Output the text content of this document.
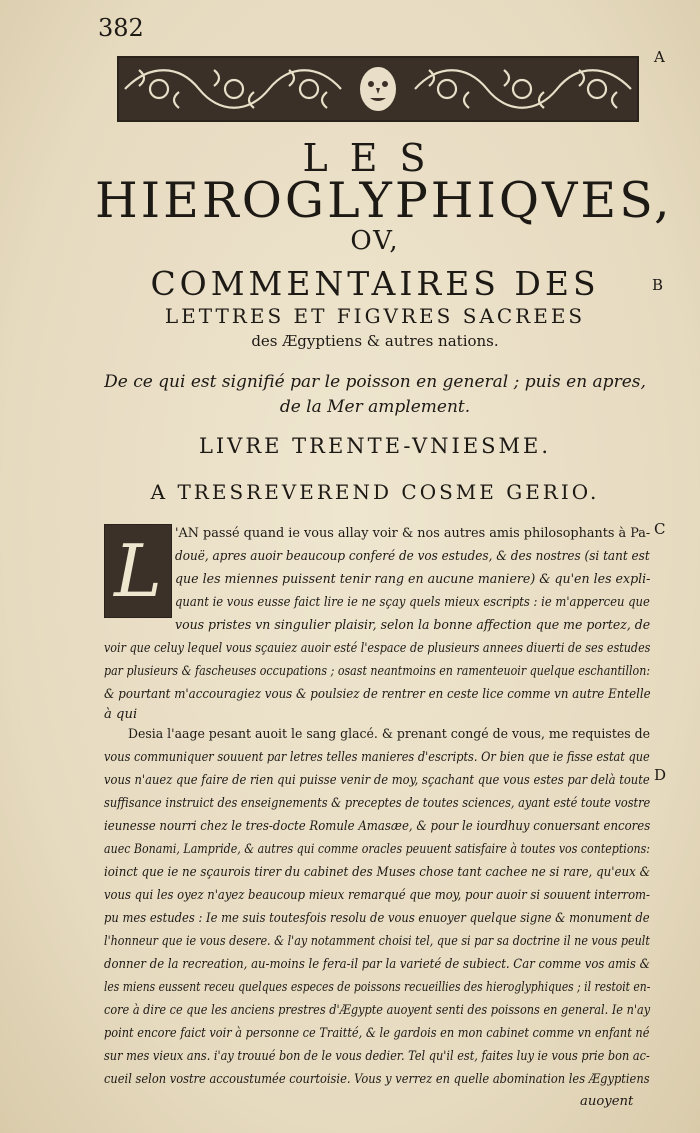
382
A
B
C
D
LES
HIEROGLYPHIQVES,
OV,
COMMENTAIRES DES
LETTRES ET FIGVRES SACREES
des Ægyptiens & autres nations.
De ce qui est signifié par le poisson en general ; puis en apres,
de la Mer amplement.
LIVRE TRENTE-VNIESME.
A TRESREVEREND COSME GERIO.
L 'AN passé quand ie vous allay voir & nos autres amis philosophants à Pa-
douë, apres auoir beaucoup conferé de vos estudes, & des nostres (si tant est
que les miennes puissent tenir rang en aucune maniere) & qu'en les expli-
quant ie vous eusse faict lire ie ne sçay quels mieux escripts : ie m'apperceu que
vous pristes vn singulier plaisir, selon la bonne affection que me portez, de
voir que celuy lequel vous sçauiez auoir esté l'espace de plusieurs annees diuerti de ses estudes
par plusieurs & fascheuses occupations ; osast neantmoins en ramenteuoir quelque eschantillon:
& pourtant m'accouragiez vous & poulsiez de rentrer en ceste lice comme vn autre Entelle
à qui
Desia l'aage pesant auoit le sang glacé. & prenant congé de vous, me requistes de
vous communiquer souuent par letres telles manieres d'escripts. Or bien que ie fisse estat que
vous n'auez que faire de rien qui puisse venir de moy, sçachant que vous estes par delà toute
suffisance instruict des enseignements & preceptes de toutes sciences, ayant esté toute vostre
ieunesse nourri chez le tres-docte Romule Amasæe, & pour le iourdhuy conuersant encores
auec Bonami, Lampride, & autres qui comme oracles peuuent satisfaire à toutes vos conteptions:
ioinct que ie ne sçaurois tirer du cabinet des Muses chose tant cachee ne si rare, qu'eux &
vous qui les oyez n'ayez beaucoup mieux remarqué que moy, pour auoir si souuent interrom-
pu mes estudes : Ie me suis toutesfois resolu de vous enuoyer quelque signe & monument de
l'honneur que ie vous desere. & l'ay notamment choisi tel, que si par sa doctrine il ne vous peult
donner de la recreation, au-moins le fera-il par la varieté de subiect. Car comme vos amis &
les miens eussent receu quelques especes de poissons recueillies des hieroglyphiques ; il restoit en-
core à dire ce que les anciens prestres d'Ægypte auoyent senti des poissons en general. Ie n'ay
point encore faict voir à personne ce Traitté, & le gardois en mon cabinet comme vn enfant né
sur mes vieux ans. i'ay trouué bon de le vous dedier. Tel qu'il est, faites luy ie vous prie bon ac-
cueil selon vostre accoustumée courtoisie. Vous y verrez en quelle abomination les Ægyptiens
auoyent
